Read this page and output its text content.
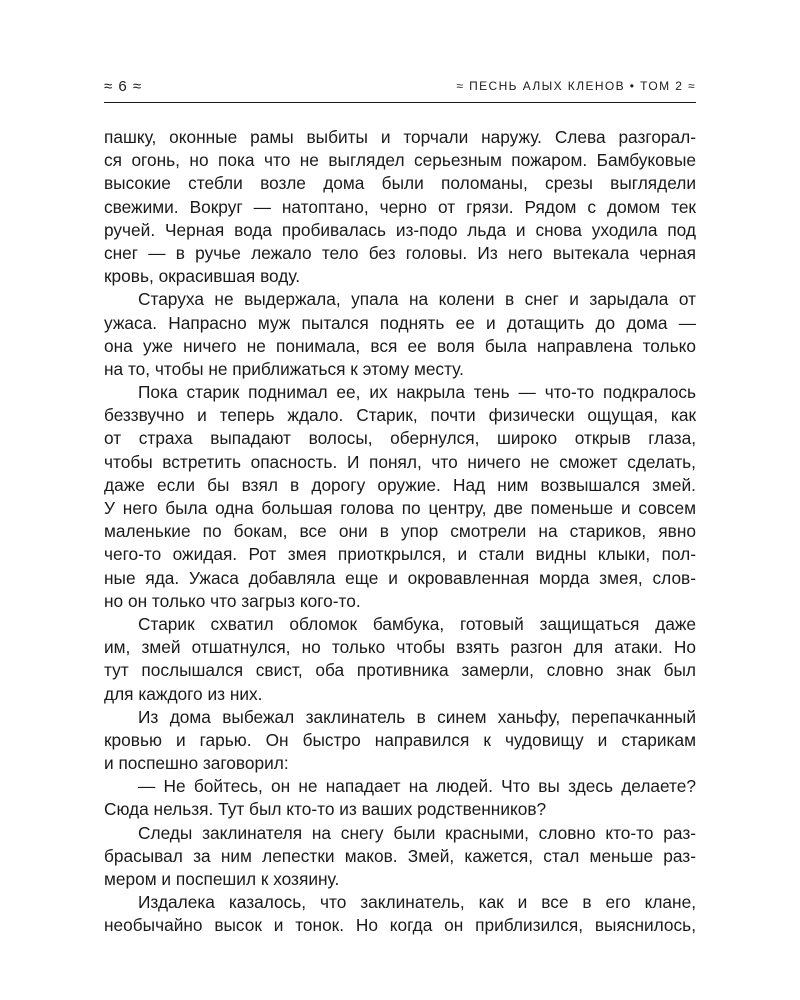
≈ 6 ≈	≈ ПЕСНЬ АЛЫХ КЛЕНОВ • ТОМ 2 ≈
пашку, оконные рамы выбиты и торчали наружу. Слева разгорал-
ся огонь, но пока что не выглядел серьезным пожаром. Бамбуковые
высокие стебли возле дома были поломаны, срезы выглядели
свежими. Вокруг — натоптано, черно от грязи. Рядом с домом тек
ручей. Черная вода пробивалась из-подо льда и снова уходила под
снег — в ручье лежало тело без головы. Из него вытекала черная
кровь, окрасившая воду.
Старуха не выдержала, упала на колени в снег и зарыдала от
ужаса. Напрасно муж пытался поднять ее и дотащить до дома —
она уже ничего не понимала, вся ее воля была направлена только
на то, чтобы не приближаться к этому месту.
Пока старик поднимал ее, их накрыла тень — что-то подкралось
беззвучно и теперь ждало. Старик, почти физически ощущая, как
от страха выпадают волосы, обернулся, широко открыв глаза,
чтобы встретить опасность. И понял, что ничего не сможет сделать,
даже если бы взял в дорогу оружие. Над ним возвышался змей.
У него была одна большая голова по центру, две поменьше и совсем
маленькие по бокам, все они в упор смотрели на стариков, явно
чего-то ожидая. Рот змея приоткрылся, и стали видны клыки, пол-
ные яда. Ужаса добавляла еще и окровавленная морда змея, слов-
но он только что загрыз кого-то.
Старик схватил обломок бамбука, готовый защищаться даже
им, змей отшатнулся, но только чтобы взять разгон для атаки. Но
тут послышался свист, оба противника замерли, словно знак был
для каждого из них.
Из дома выбежал заклинатель в синем ханьфу, перепачканный
кровью и гарью. Он быстро направился к чудовищу и старикам
и поспешно заговорил:
— Не бойтесь, он не нападает на людей. Что вы здесь делаете?
Сюда нельзя. Тут был кто-то из ваших родственников?
Следы заклинателя на снегу были красными, словно кто-то раз-
брасывал за ним лепестки маков. Змей, кажется, стал меньше раз-
мером и поспешил к хозяину.
Издалека казалось, что заклинатель, как и все в его клане,
необычайно высок и тонок. Но когда он приблизился, выяснилось,
